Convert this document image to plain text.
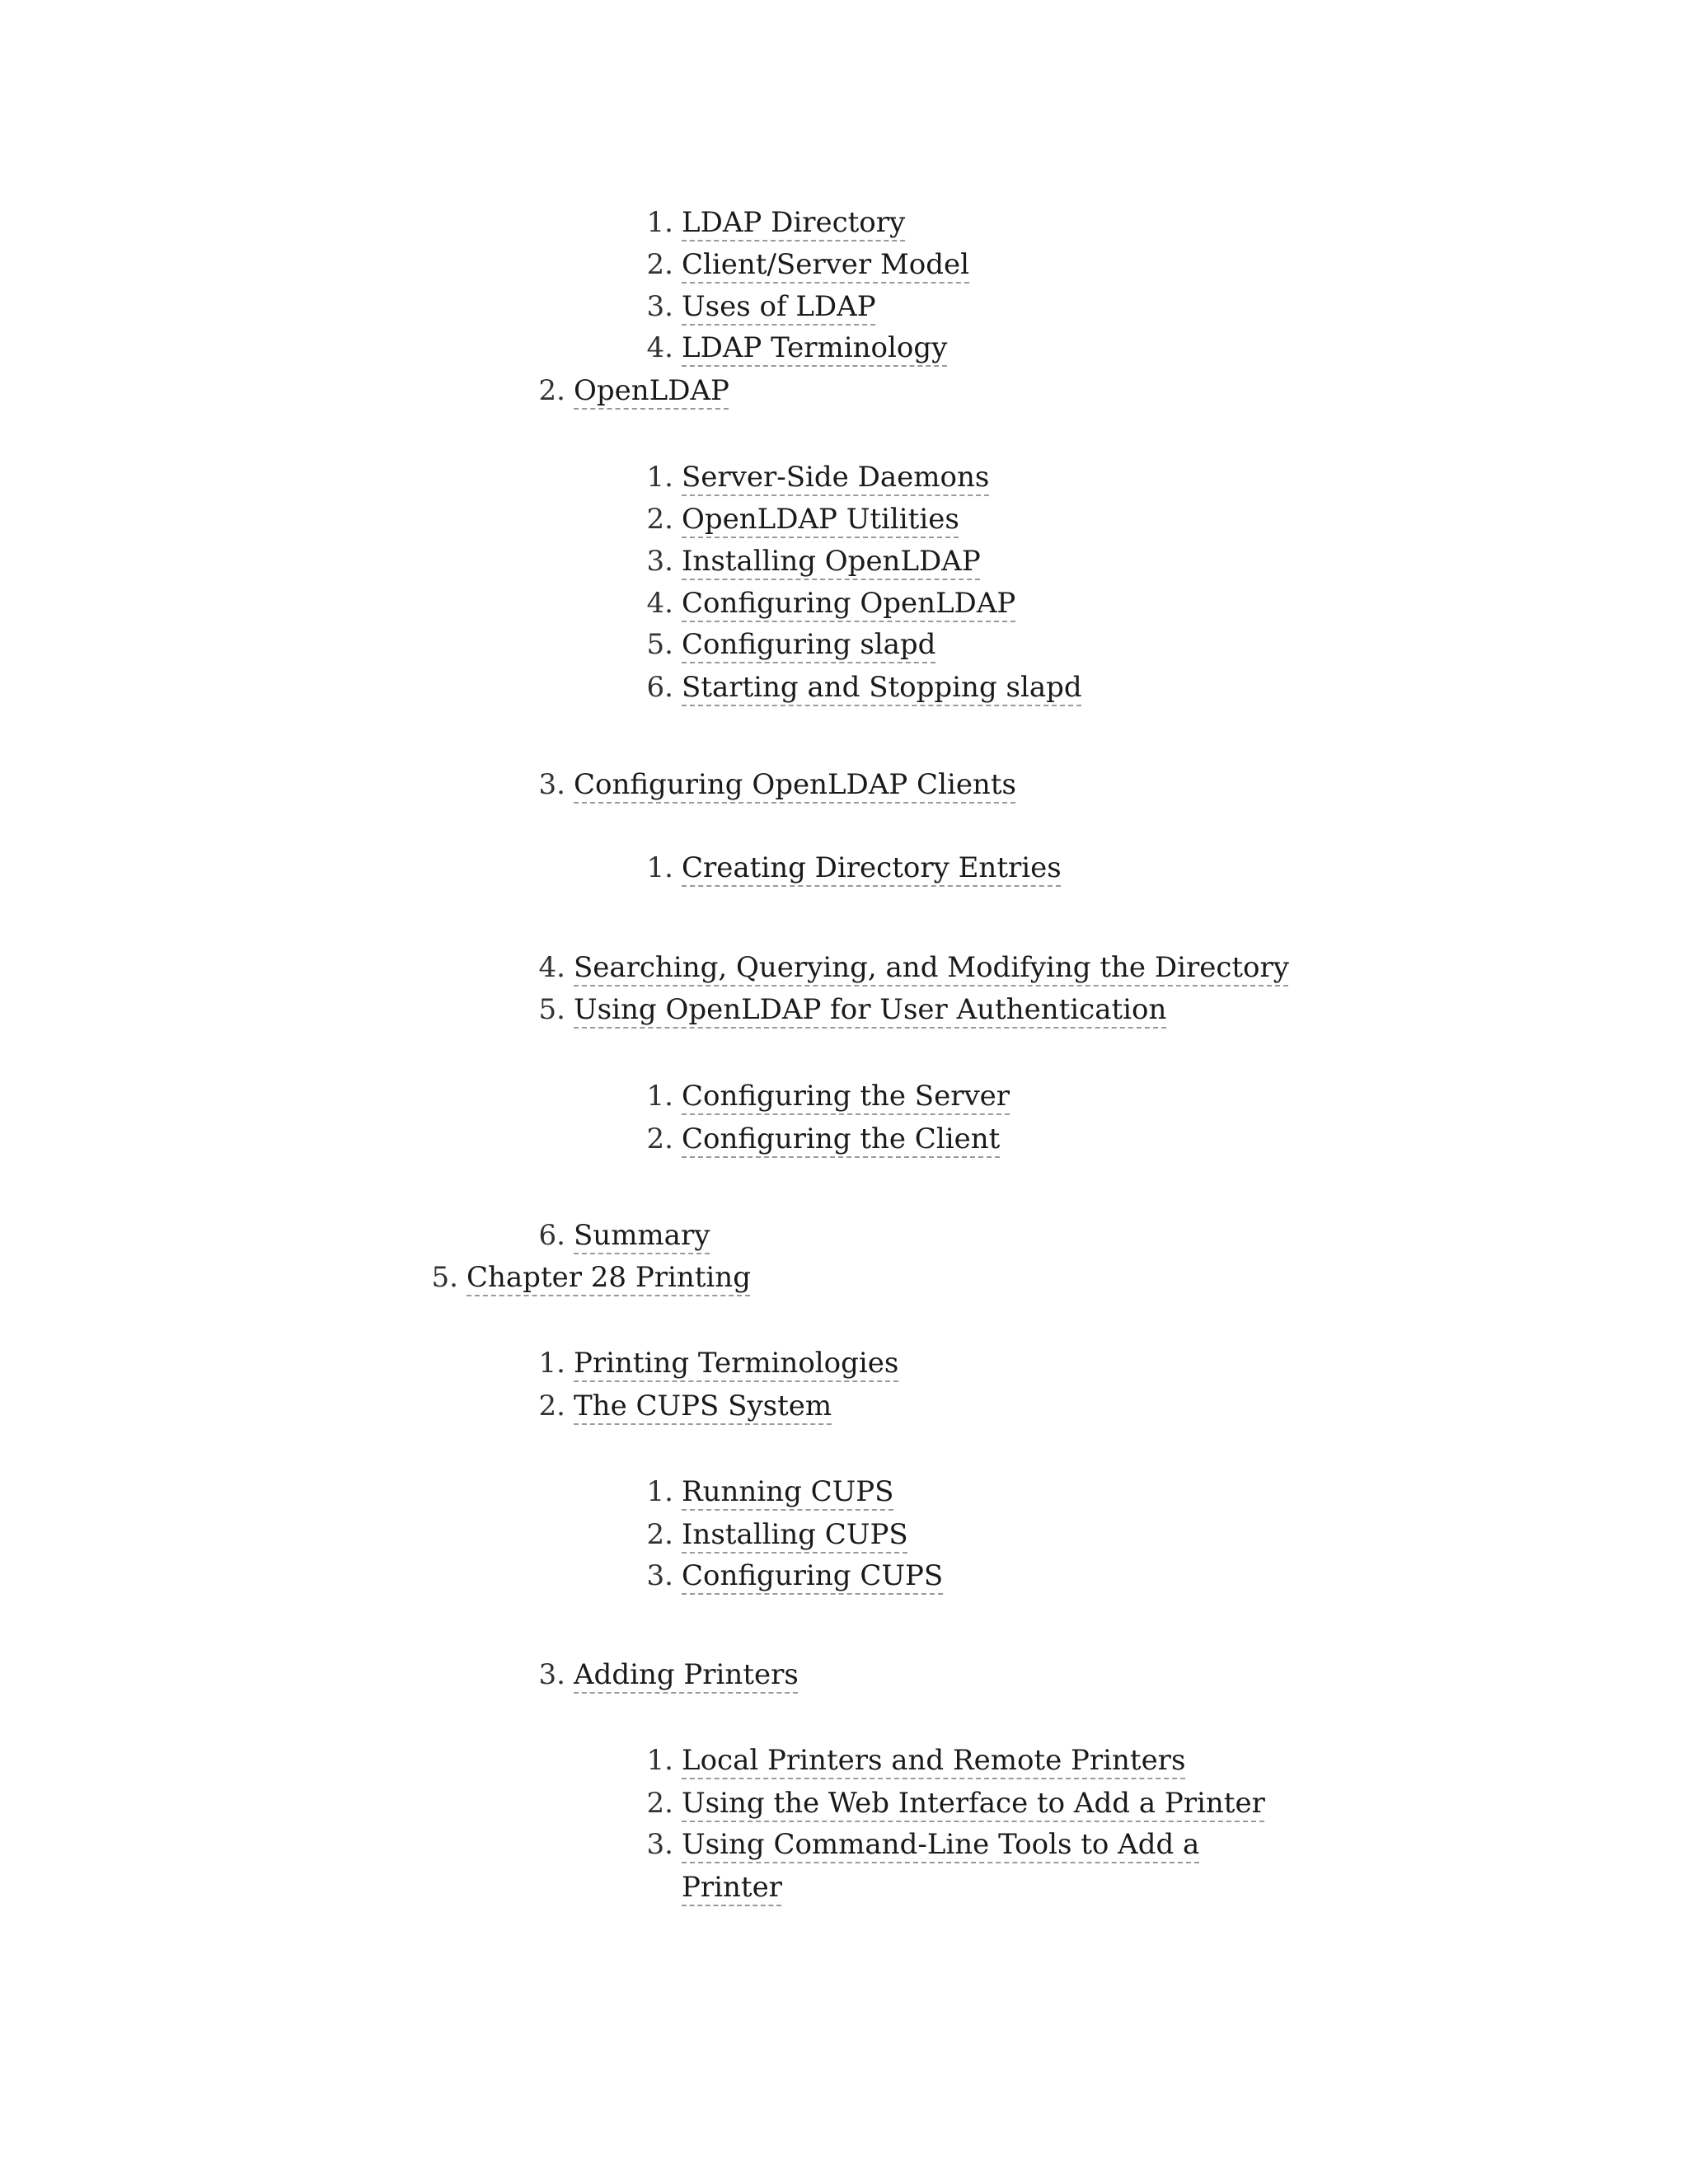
1. LDAP Directory
2. Client/Server Model
3. Uses of LDAP
4. LDAP Terminology
2. OpenLDAP
1. Server-Side Daemons
2. OpenLDAP Utilities
3. Installing OpenLDAP
4. Configuring OpenLDAP
5. Configuring slapd
6. Starting and Stopping slapd
3. Configuring OpenLDAP Clients
1. Creating Directory Entries
4. Searching, Querying, and Modifying the Directory
5. Using OpenLDAP for User Authentication
1. Configuring the Server
2. Configuring the Client
6. Summary
5. Chapter 28 Printing
1. Printing Terminologies
2. The CUPS System
1. Running CUPS
2. Installing CUPS
3. Configuring CUPS
3. Adding Printers
1. Local Printers and Remote Printers
2. Using the Web Interface to Add a Printer
3. Using Command-Line Tools to Add a
Printer
